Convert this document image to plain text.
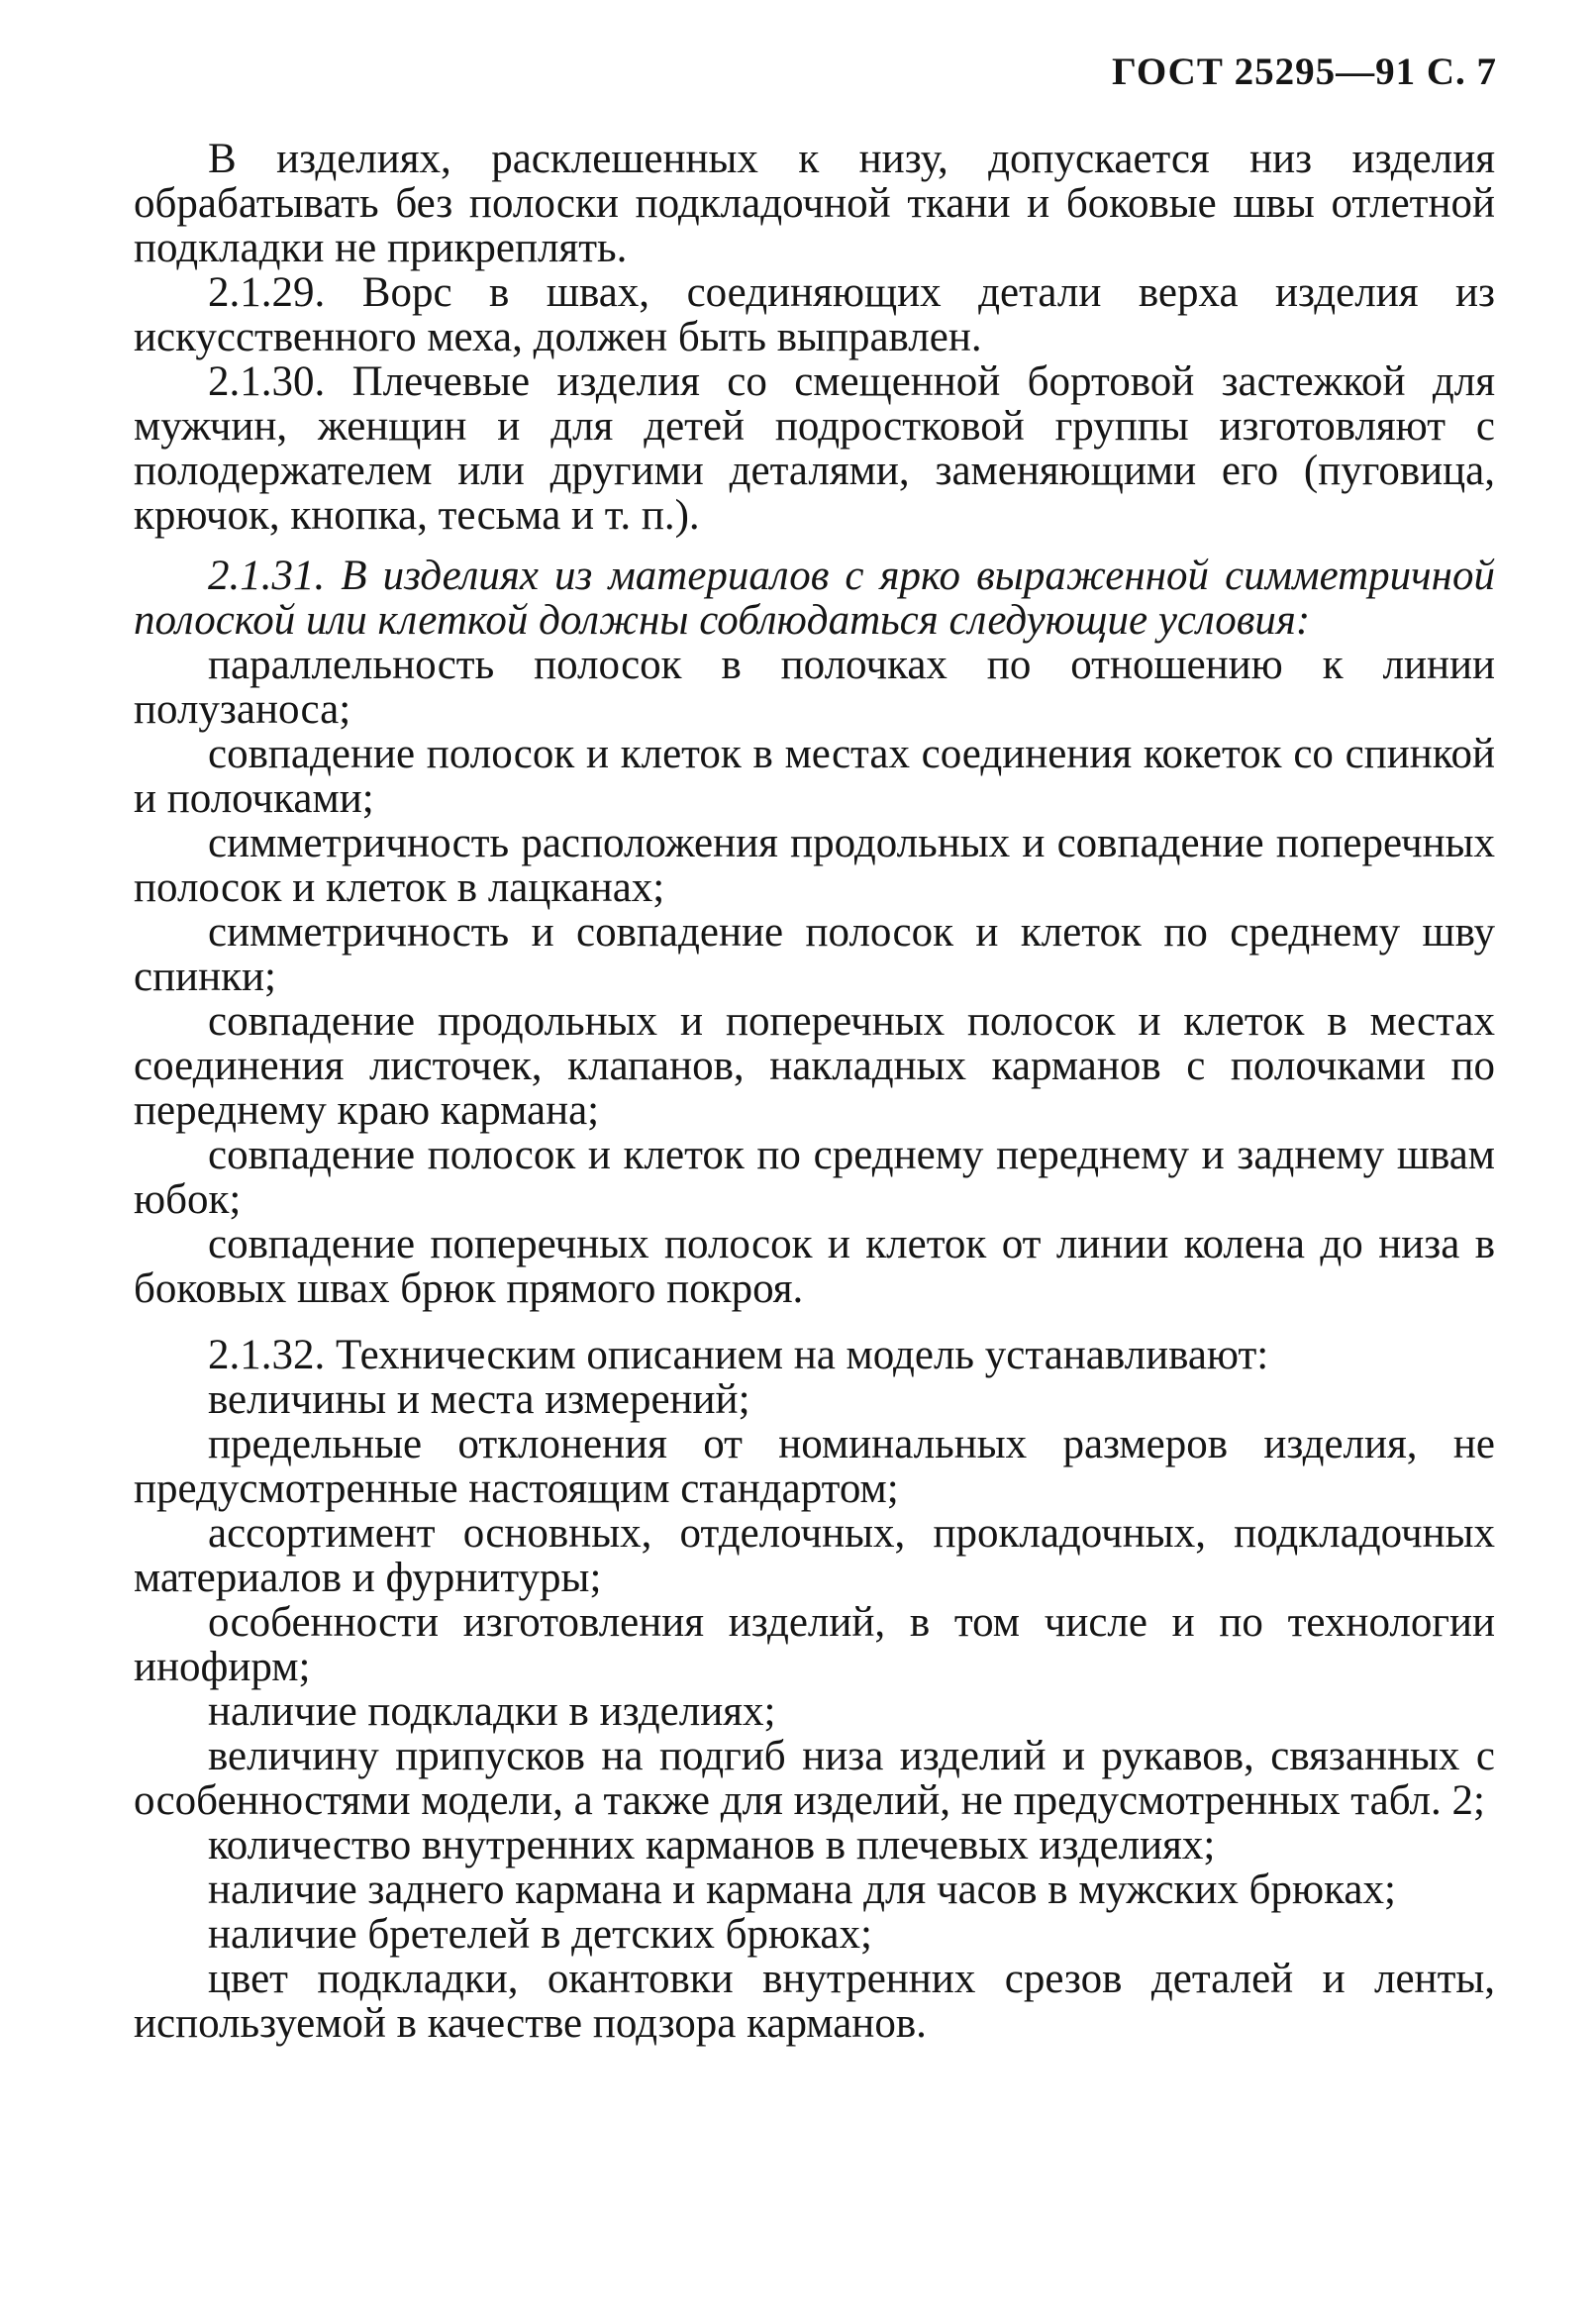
ГОСТ 25295—91 С. 7

В изделиях, расклешенных к низу, допускается низ изделия обрабатывать без полоски подкладочной ткани и боковые швы отлетной подкладки не прикреплять.

2.1.29. Ворс в швах, соединяющих детали верха изделия из искусственного меха, должен быть выправлен.

2.1.30. Плечевые изделия со смещенной бортовой застежкой для мужчин, женщин и для детей подростковой группы изготовляют с полодержателем или другими деталями, заменяющими его (пуговица, крючок, кнопка, тесьма и т. п.).

2.1.31. В изделиях из материалов с ярко выраженной симметричной полоской или клеткой должны соблюдаться следующие условия:

параллельность полосок в полочках по отношению к линии полузаноса;

совпадение полосок и клеток в местах соединения кокеток со спинкой и полочками;

симметричность расположения продольных и совпадение поперечных полосок и клеток в лацканах;

симметричность и совпадение полосок и клеток по среднему шву спинки;

совпадение продольных и поперечных полосок и клеток в местах соединения листочек, клапанов, накладных карманов с полочками по переднему краю кармана;

совпадение полосок и клеток по среднему переднему и заднему швам юбок;

совпадение поперечных полосок и клеток от линии колена до низа в боковых швах брюк прямого покроя.

2.1.32. Техническим описанием на модель устанавливают:

величины и места измерений;

предельные отклонения от номинальных размеров изделия, не предусмотренные настоящим стандартом;

ассортимент основных, отделочных, прокладочных, подкладочных материалов и фурнитуры;

особенности изготовления изделий, в том числе и по технологии инофирм;

наличие подкладки в изделиях;

величину припусков на подгиб низа изделий и рукавов, связанных с особенностями модели, а также для изделий, не предусмотренных табл. 2;

количество внутренних карманов в плечевых изделиях;

наличие заднего кармана и кармана для часов в мужских брюках;

наличие бретелей в детских брюках;

цвет подкладки, окантовки внутренних срезов деталей и ленты, используемой в качестве подзора карманов.
